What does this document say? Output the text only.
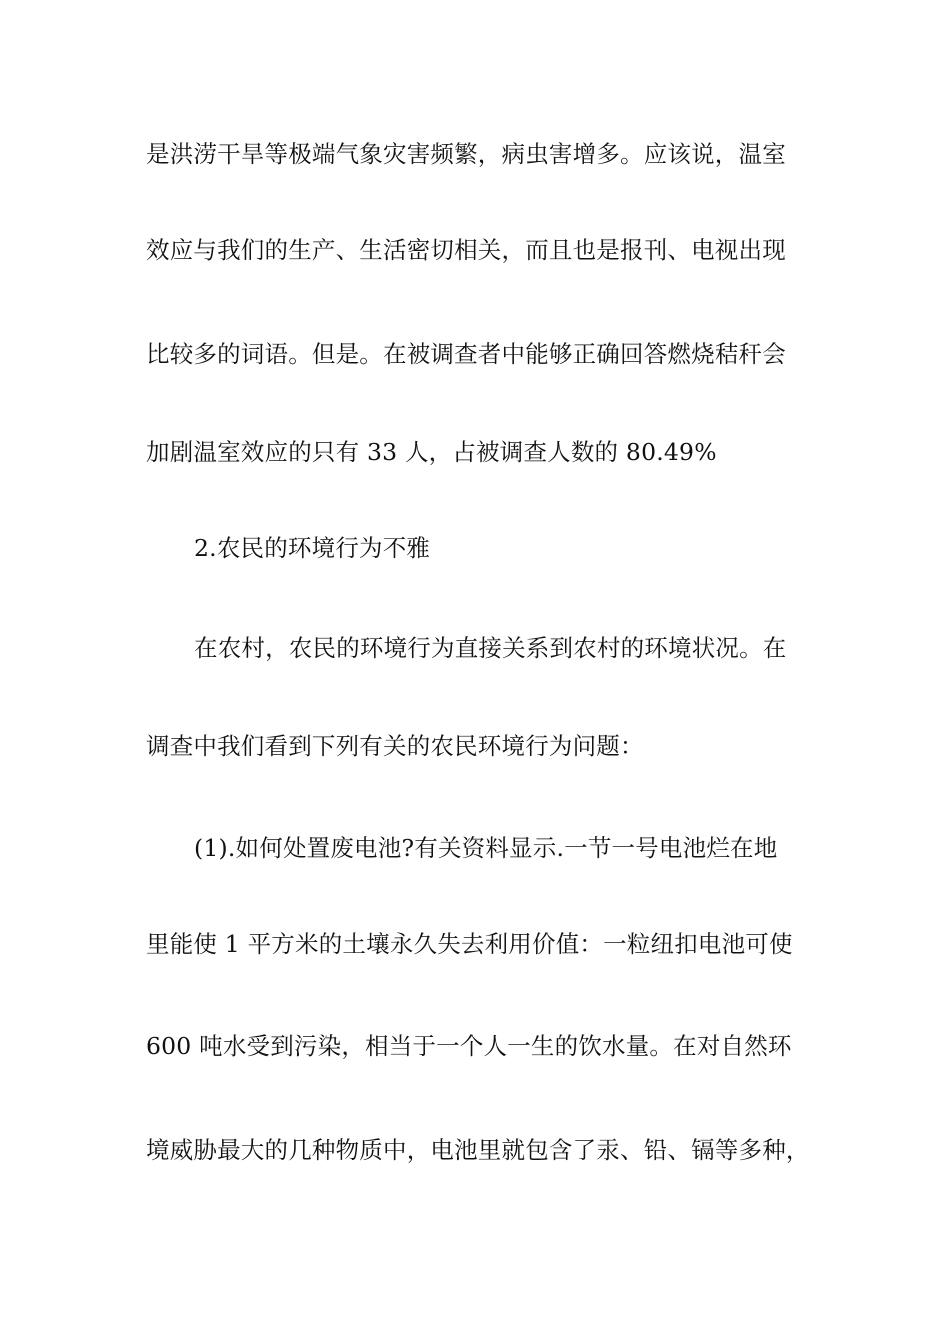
是洪涝干旱等极端气象灾害频繁，病虫害增多。应该说，温室
效应与我们的生产、生活密切相关，而且也是报刊、电视出现
比较多的词语。但是。在被调查者中能够正确回答燃烧秸秆会
加剧温室效应的只有 33 人，占被调查人数的 80.49%
2.农民的环境行为不雅
在农村，农民的环境行为直接关系到农村的环境状况。在
调查中我们看到下列有关的农民环境行为问题：
(1).如何处置废电池?有关资料显示.一节一号电池烂在地
里能使 1 平方米的土壤永久失去利用价值：一粒纽扣电池可使
600 吨水受到污染，相当于一个人一生的饮水量。在对自然环
境威胁最大的几种物质中，电池里就包含了汞、铅、镉等多种，
